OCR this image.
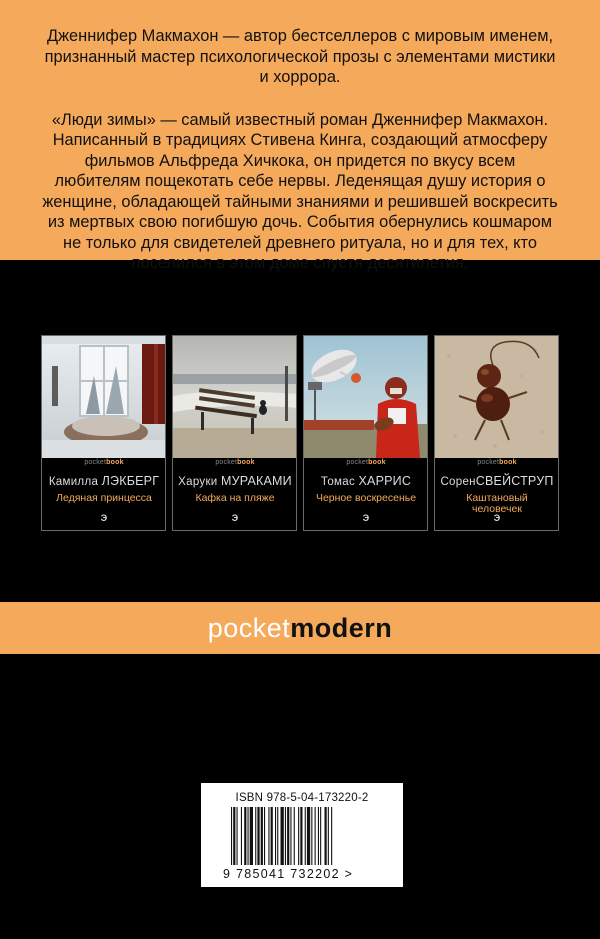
Дженнифер Макмахон — автор бестселлеров с мировым именем, признанный мастер психологической прозы с элементами мистики и хоррора.

«Люди зимы» — самый известный роман Дженнифер Макмахон. Написанный в традициях Стивена Кинга, создающий атмосферу фильмов Альфреда Хичкока, он придется по вкусу всем любителям пощекотать себе нервы. Леденящая душу история о женщине, обладающей тайными знаниями и решившей воскресить из мертвых свою погибшую дочь. События обернулись кошмаром не только для свидетелей древнего ритуала, но и для тех, кто поселился в этом доме спустя десятилетия.

pocketbook
Камилла ЛЭКБЕРГ
Ледяная принцесса
Э
pocketbook
Харуки МУРАКАМИ
Кафка на пляже
Э
pocketbook
Томас ХАРРИС
Черное воскресенье
Э
pocketbook
СоренСВЕЙСТРУП
Каштановый человечек
Э
pocketmodern
ISBN 978-5-04-173220-2
9 785041 732202 >
